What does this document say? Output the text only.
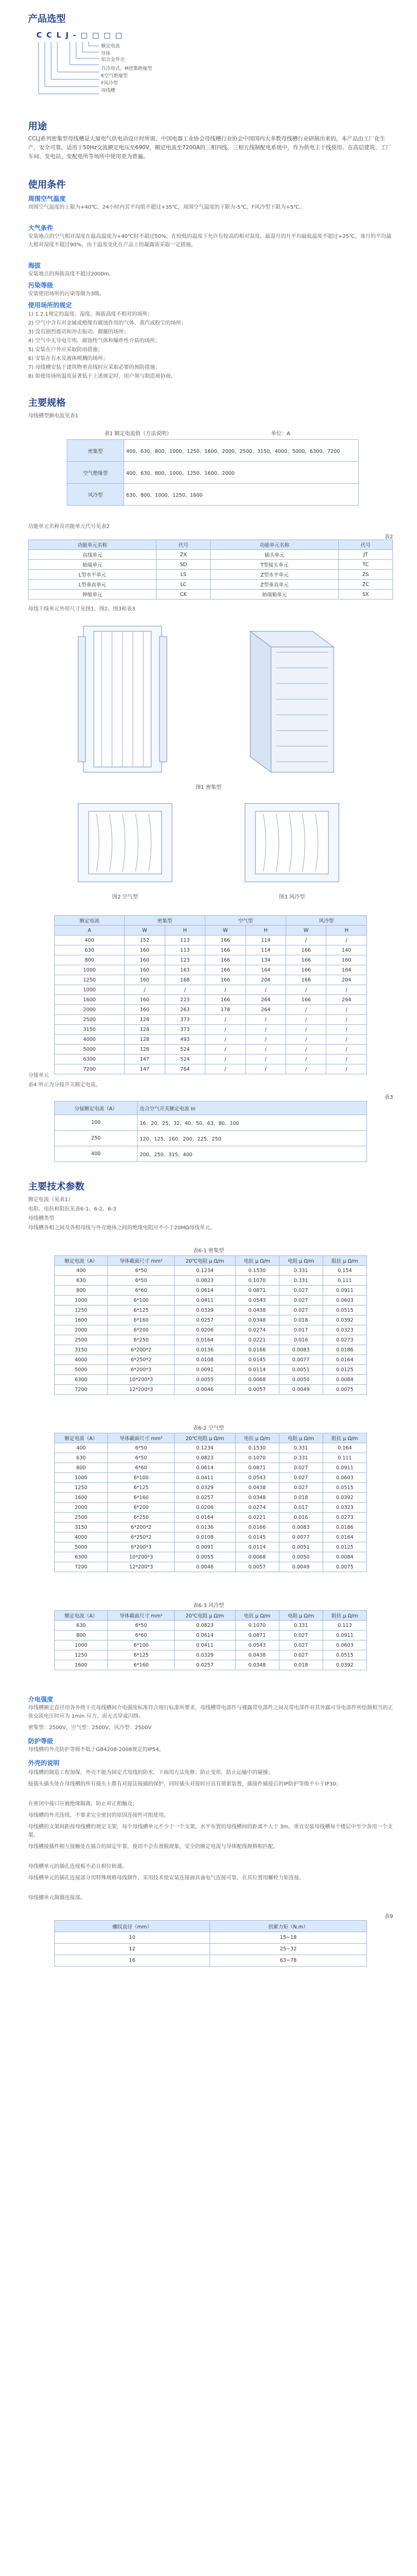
产品选型
C C L J - □ □ □ □
额定电流
导体
铝合金外壳
自冷却式，M密集绝缘型
K空气绝缘型
F风冷型
母线槽
用途
CCLJ系列密集型母线槽是大厦电气供电动设计时所需，中国电器工业协会母线槽行业协会中国国内大多数母线槽行业研制出来的。本产品由工厂化生产，安全可靠，适用于50Hz交流额定电压至690V，额定电流至7200A的三相四线、三相五线制配电系统中，作为供电主干线使用。在高层建筑、工厂车间、发电站、变配电所等场所中使用更为普遍。
使用条件
周围空气温度
周围空气温度的上限为+40℃，24小时内其平均值不超过+35℃，周围空气温度的下限为-5℃，F风冷型下限为+5℃。
大气条件
安装地点的空气相对湿度在最高温度为+40℃时不超过50%，在较低的温度下允许有较高的相对湿度，最湿月的月平均最低温度不超过+25℃，该月的平均最大相对湿度不超过90%，由于温度变化在产品上的凝露需采取一定措施。
海拔
安装地点的海拔高度不超过2000m。
污染等级
安装使用场所的污染等级为3级。
使用场所的规定
1) 1.2.1规定的温度、湿度、海拔高度不相对的场所；
2) 空气中含有对金属或绝缘有腐蚀作用的气体、蒸汽或粉尘的场所；
3) 没有剧烈震动和冲击振动、颠簸的场所；
4) 空气中无导电尘埃、腐蚀性气体和爆炸性介质的场所；
5) 安装在户外应采取防雨措施；
6) 安装在有水及液体喷溅的场所；
7) 母线槽安装于建筑物垂直线时应采取必要的预防措施；
8) 如使用场所温度显著低于上述规定时，用户须与制造商协商。
主要规格
母线槽型额电流见表1
表1 额定电流值（方法说明）	单位：A
密集型	400、630、800、1000、1250、1600、2000、2500、3150、4000、5000、6300、7200
空气绝缘型	400、630、800、1000、1250、1600、2000
风冷型	630、800、1000、1250、1600
功能单元名称及功能单元代号见表2
表2
功能单元名称	代号	功能单元名称	代号
直线单元	ZX	插头单元	JT
始端单元	SD	T型接头单元	TC
L型水平单元	LS	Z型水平单元	ZS
L型垂直单元	LC	Z型垂直单元	ZC
伸缩单元	CK	始端箱单元	SX
母线干线单元外形尺寸见图1、图2、图3和表3
图1 密集型
图2 空气型	图3 风冷型
额定电流	密集型		空气型		风冷型	
A	W	H	W	H	W	H
400	152	113	166	114	/	/
630	160	113	166	114	166	140
800	160	123	166	134	166	160
1000	160	163	166	164	166	164
1250	160	168	166	204	166	204
1000	/	/	/	/	/	/
1600	160	223	166	264	166	264
2000	160	263	178	264	/	/
2500	128	373	/	/	/	/
3150	128	373	/	/	/	/
4000	128	493	/	/	/	/
5000	128	524	/	/	/	/
6300	147	524	/	/	/	/
7200	147	764	/	/	/	/
分接单元
表4 所示为分接开关额定电流，
表3
分接额定电流（A）	连合空气开关额定电流 In
100	16、20、25、32、40、50、63、80、100
250	120、125、160、200、225、250
400	200、250、315、400
主要技术参数
额定电流（见表1）
电阻、电抗和阻抗见表6-1、6-2、6-3
母线槽类型
母线槽各相之间及各相母线与外壳地体之间的绝缘电阻应不小于20MΩ母线单元。
表6-1 密集型
额定电流（A）	导体截面尺寸 mm²	20℃电阻 μ Ω/m	电抗 μ Ω/m	电阻 μ Ω/m	阻抗 μ Ω/m
400	6*50	0.1234	0.1530	0.331	0.154
630	6*50	0.0823	0.1070	0.331	0.111
800	6*60	0.0614	0.0871	0.027	0.0911
1000	6*100	0.0411	0.0543	0.027	0.0603
1250	6*125	0.0329	0.0438	0.027	0.0515
1600	6*160	0.0257	0.0348	0.018	0.0392
2000	6*200	0.0206	0.0274	0.017	0.0323
2500	6*250	0.0164	0.0221	0.016	0.0273
3150	6*200*2	0.0136	0.0166	0.0083	0.0186
4000	6*250*2	0.0108	0.0145	0.0077	0.0164
5000	6*200*3	0.0091	0.0114	0.0051	0.0125
6300	10*200*3	0.0055	0.0068	0.0050	0.0084
7200	12*200*3	0.0046	0.0057	0.0049	0.0075
表6-2 空气型
额定电流（A）	导体截面尺寸 mm²	20℃电阻 μ Ω/m	电抗 μ Ω/m	电阻 μ Ω/m	阻抗 μ Ω/m
400	6*50	0.1234	0.1530	0.331	0.164
630	6*50	0.0823	0.1070	0.331	0.111
800	6*60	0.0614	0.0871	0.027	0.0911
1000	6*100	0.0411	0.0543	0.027	0.0603
1250	6*125	0.0329	0.0438	0.027	0.0515
1600	6*160	0.0257	0.0348	0.018	0.0392
2000	6*200	0.0206	0.0274	0.017	0.0323
2500	6*250	0.0164	0.0221	0.016	0.0273
3150	6*200*2	0.0136	0.0166	0.0083	0.0186
4000	6*250*2	0.0108	0.0145	0.0077	0.0164
5000	6*200*3	0.0091	0.0114	0.0051	0.0125
6300	10*200*3	0.0055	0.0068	0.0050	0.0084
7200	12*200*3	0.0046	0.0057	0.0049	0.0075
表6-3 风冷型
额定电流（A）	导体截面尺寸 mm²	20℃电阻 μ Ω/m	电抗 μ Ω/m	电阻 μ Ω/m	阻抗 μ Ω/m
630	6*50	0.0823	0.1070	0.331	0.113
800	6*60	0.0614	0.0871	0.027	0.0911
1000	6*100	0.0411	0.0543	0.027	0.0603
1250	6*125	0.0329	0.0438	0.027	0.0515
1600	6*160	0.0257	0.0348	0.018	0.0392
介电强度
母线槽额定直径用各外绕干壳母线槽间介电强度标准符合现行标准所要求，母线槽带电部件与裸露带电部件之间及带电部件对其外露可导电部件所绘制相当的正弦交流电压时应为 1min 应力，而无击穿或闪络。
密集型：2500V，空气型：2500V，风冷型：2500V
防护等级
母线槽的外壳防护等级不低于GB4208-2008规定的IP54。
外壳的说明
母线槽的制造工程加保，外壳不能为固定式母线的防水，下面用方法免修；防止变形，防止运输中的碰撞；
接插头插头处在母线槽的所有插头上都有对接法接插的保护，同时插头对接时应具有锁紧装置，插接件插接后的IP防护等级不小于IP30；
在密闭中接口应被绝缘隔离，防止对正相触及；
母线槽的外壳连续，不要求完全密封的原因连接件可组使用。
母线槽的支架间距按母线槽的规定支架，每个母线槽单元不少于一个支架，水平布置的母线槽间的距离不大于 3m，垂直安装母线槽每个楼层中至少各用一个支架。
母线槽接插件相互接触处在插合的固定牢靠，使用不会有滑脱现象，安全的额定电流与导体配线规格相匹配。
母线槽单元的插孔连接板不必自相位转通。
母线槽单元的插孔连接部分用特殊规格母线制作，采用技术使安装连接面具备电气连接可靠，在其位置用螺栓力矩连接。
母线槽单元制器连接部。
表9
螺纹直径（mm）	扭紧力矩（N.m）
10	15~18
12	25~32
16	63~78
